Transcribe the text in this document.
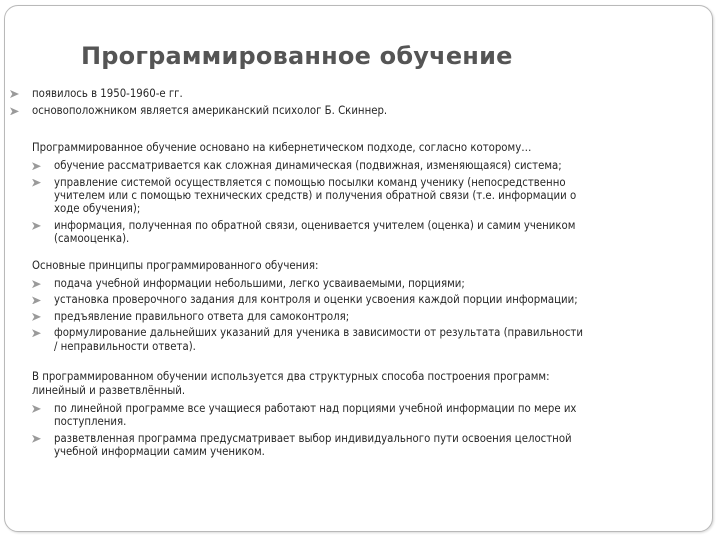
Программированное обучение
появилось в 1950-1960-е гг.
основоположником является американский психолог Б. Скиннер.

Программированное обучение основано на кибернетическом подходе, согласно которому…

обучение рассматривается как сложная динамическая (подвижная, изменяющаяся) система;
управление системой осуществляется с помощью посылки команд ученику (непосредственно
учителем или с помощью технических средств) и получения обратной связи (т.е. информации о
ходе обучения);
информация, полученная по обратной связи, оценивается учителем (оценка) и самим учеником
(самооценка).

Основные принципы программированного обучения:

подача учебной информации небольшими, легко усваиваемыми, порциями;
установка проверочного задания для контроля и оценки усвоения каждой порции информации;
предъявление правильного ответа для самоконтроля;
формулирование дальнейших указаний для ученика в зависимости от результата (правильности
/ неправильности ответа).

В программированном обучении используется два структурных способа построения программ:

линейный и разветвлённый.

по линейной программе все учащиеся работают над порциями учебной информации по мере их
поступления.
разветвленная программа предусматривает выбор индивидуального пути освоения целостной
учебной информации самим учеником.
